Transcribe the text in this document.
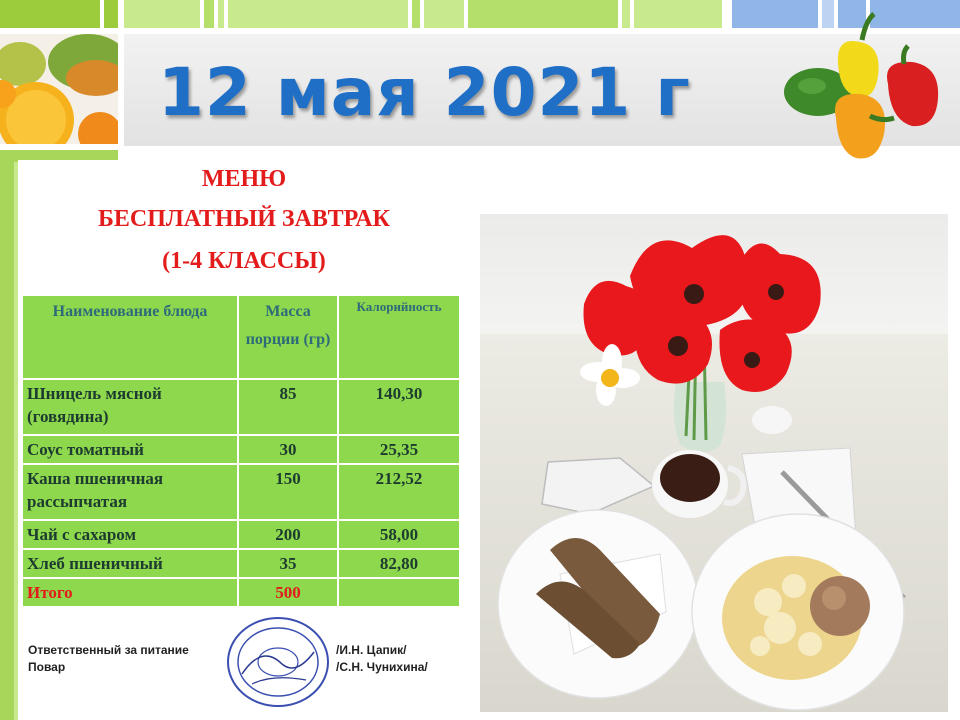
12 мая 2021 г
МЕНЮ
БЕСПЛАТНЫЙ ЗАВТРАК
(1-4 КЛАССЫ)
Наименование блюда	Масса порции (гр)	Калорийность
Шницель мясной (говядина)	85	140,30
Соус томатный	30	25,35
Каша пшеничная рассыпчатая	150	212,52
Чай с сахаром	200	58,00
Хлеб пшеничный	35	82,80
Итого	500	
Ответственный за питание
Повар
/И.Н. Цапик/
/С.Н. Чунихина/
